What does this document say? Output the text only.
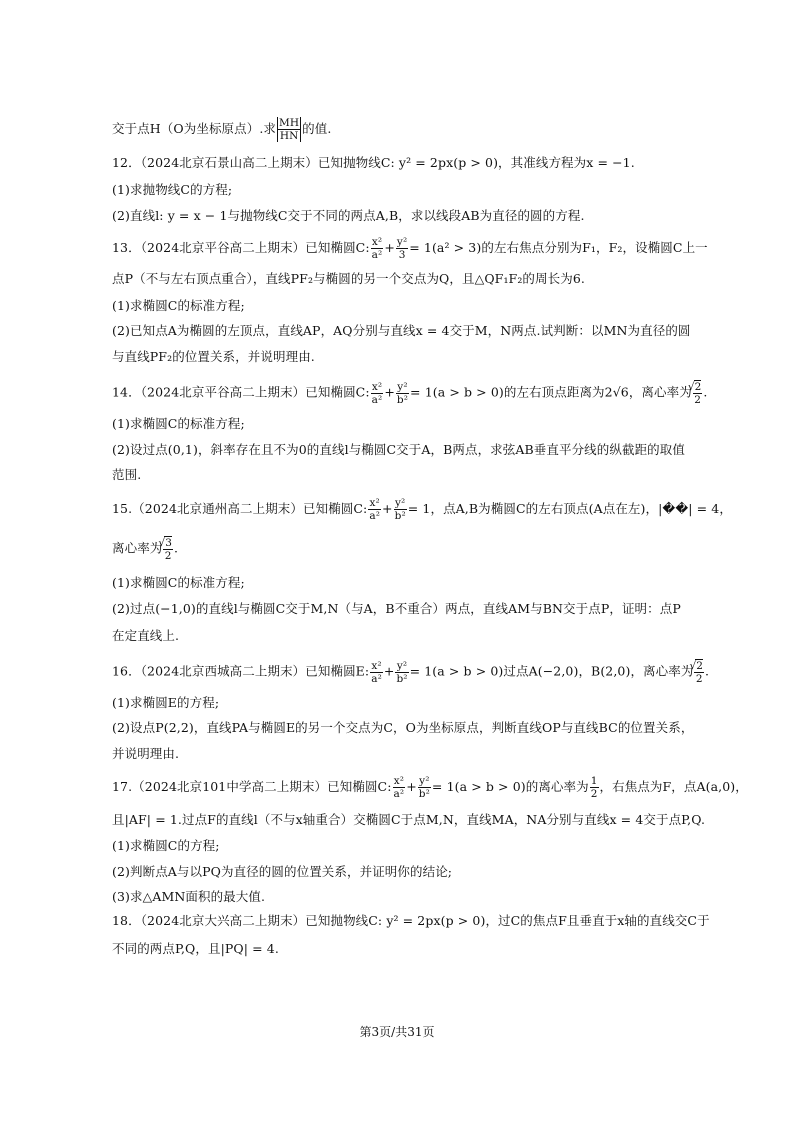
交于点H（O为坐标原点）.求 $\frac{MH}{HN}$ 的值.
12．（2024北京石景山高二上期末）已知抛物线C: y² = 2px(p > 0)，其准线方程为x = −1.
(1)求抛物线C的方程;
(2)直线l: y = x − 1与抛物线C交于不同的两点A,B，求以线段AB为直径的圆的方程.
13．（2024北京平谷高二上期末）已知椭圆C: $\frac{\text{x²}}{\text{a²}} + \frac{\text{y²}}{3} = 1(a^2 > 3)$的左右焦点分别为F₁，F₂，设椭圆C上一
点P（不与左右顶点重合），直线PF₂与椭圆的另一个交点为Q，且△QF₁F₂的周长为6.
(1)求椭圆C的标准方程;
(2)已知点A为椭圆的左顶点，直线AP，AQ分别与直线x = 4交于M，N两点.试判断：以MN为直径的圆
与直线PF₂的位置关系，并说明理由.
14．（2024北京平谷高二上期末）已知椭圆C: $\frac{\text{x²}}{\text{a²}} + \frac{\text{y²}}{\text{b²}} = 1(a > b > 0)$的左右顶点距离为2√6，离心率为 √ $\frac{2}{2}$ .
(1)求椭圆C的标准方程;
(2)设过点(0,1)，斜率存在且不为0的直线l与椭圆C交于A，B两点，求弦AB垂直平分线的纵截距的取值
范围.
15.（2024北京通州高二上期末）已知椭圆C: $\frac{\text{x²}}{\text{a²}} + \frac{\text{y²}}{\text{b²}} = 1$，点A,B为椭圆C的左右顶点(A点在左)，|��| = 4，
离心率为 √ $\frac{3}{2}$ .
(1)求椭圆C的标准方程;
(2)过点(−1,0)的直线l与椭圆C交于M,N（与A，B不重合）两点，直线AM与BN交于点P，证明：点P
在定直线上.
16．（2024北京西城高二上期末）已知椭圆E: $\frac{\text{x²}}{\text{a²}} + \frac{\text{y²}}{\text{b²}} = 1(a > b > 0)$过点A(−2,0)，B(2,0)，离心率为 √ $\frac{2}{2}$ .
(1)求椭圆E的方程;
(2)设点P(2,2)，直线PA与椭圆E的另一个交点为C，O为坐标原点，判断直线OP与直线BC的位置关系，
并说明理由.
17.（2024北京101中学高二上期末）已知椭圆C: $\frac{\text{x²}}{\text{a²}} + \frac{\text{y²}}{\text{b²}} = 1(a > b > 0)$的离心率为 $\frac{1}{2}$ ，右焦点为F，点A(a,0)，
且|AF| = 1.过点F的直线l（不与x轴重合）交椭圆C于点M,N，直线MA，NA分别与直线x = 4交于点P,Q.
(1)求椭圆C的方程;
(2)判断点A与以PQ为直径的圆的位置关系，并证明你的结论;
(3)求△AMN面积的最大值.
18．（2024北京大兴高二上期末）已知抛物线C: y² = 2px(p > 0)，过C的焦点F且垂直于x轴的直线交C于
不同的两点P,Q，且|PQ| = 4.
第3页/共31页
